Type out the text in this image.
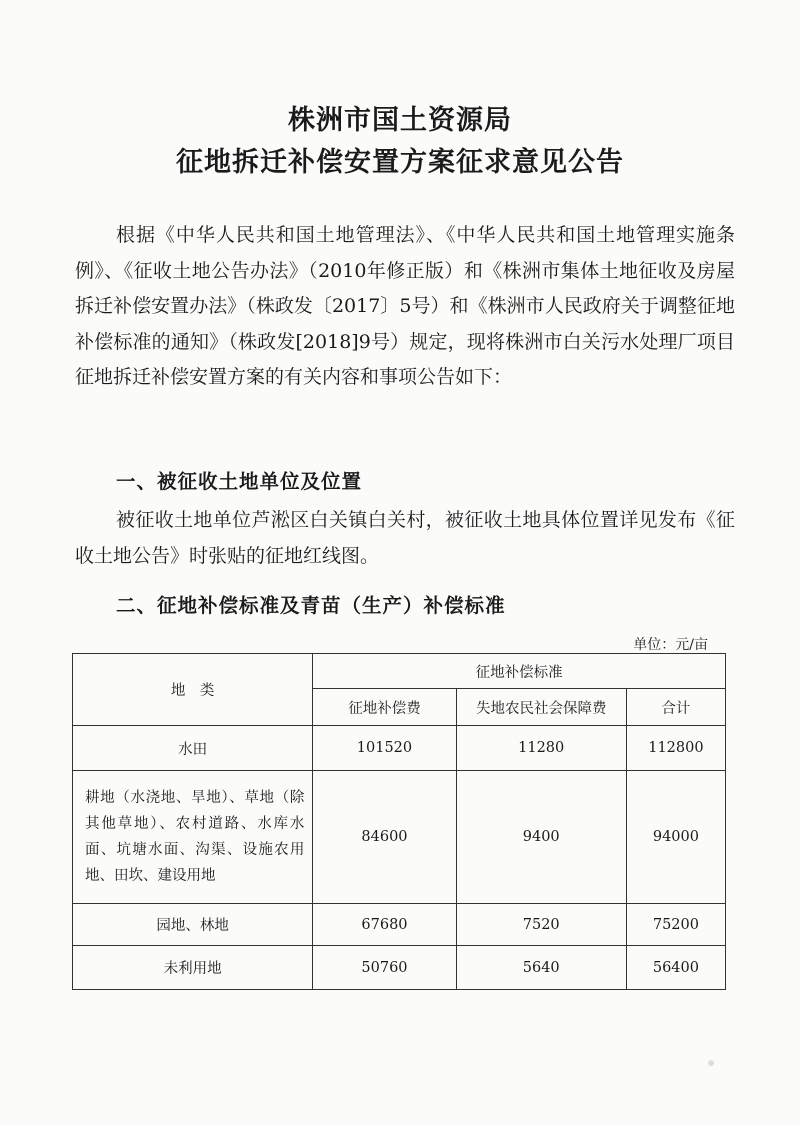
株洲市国土资源局
征地拆迁补偿安置方案征求意见公告
根据《中华人民共和国土地管理法》、《中华人民共和国土地管理实施条例》、《征收土地公告办法》（2010年修正版）和《株洲市集体土地征收及房屋拆迁补偿安置办法》（株政发〔2017〕5号）和《株洲市人民政府关于调整征地补偿标准的通知》（株政发[2018]9号）规定，现将株洲市白关污水处理厂项目征地拆迁补偿安置方案的有关内容和事项公告如下：
一、被征收土地单位及位置
被征收土地单位芦淞区白关镇白关村，被征收土地具体位置详见发布《征收土地公告》时张贴的征地红线图。
二、征地补偿标准及青苗（生产）补偿标准
单位：元/亩
地　类	征地补偿标准		
	征地补偿费	失地农民社会保障费	合计
水田	101520	11280	112800
耕地（水浇地、旱地）、草地（除其他草地）、农村道路、水库水面、坑塘水面、沟渠、设施农用地、田坎、建设用地	84600	9400	94000
园地、林地	67680	7520	75200
未利用地	50760	5640	56400
